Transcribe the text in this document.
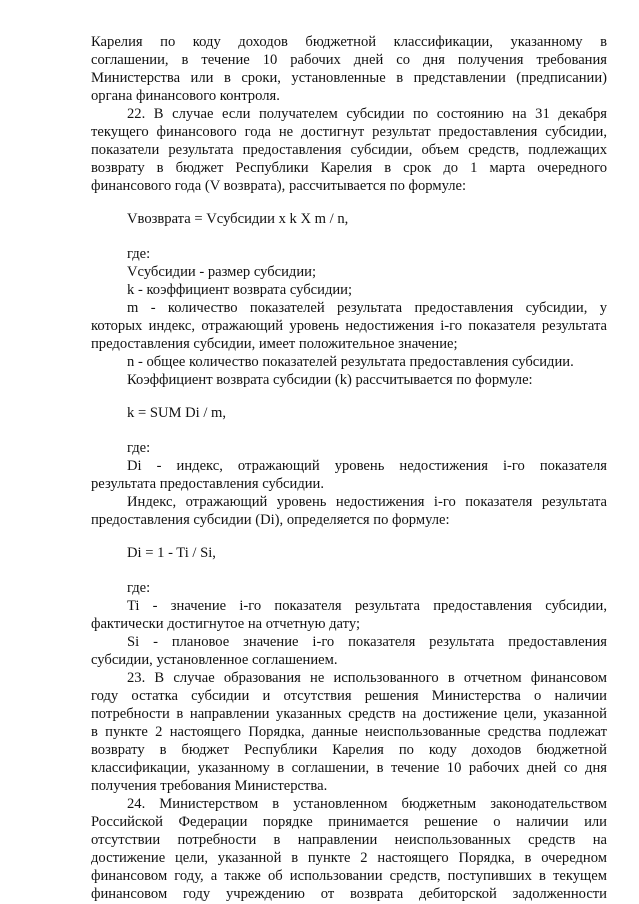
Карелия по коду доходов бюджетной классификации, указанному в
соглашении, в течение 10 рабочих дней со дня получения требования
Министерства или в сроки, установленные в представлении (предписании)
органа финансового контроля.
22. В случае если получателем субсидии по состоянию на 31 декабря
текущего финансового года не достигнут результат предоставления субсидии,
показатели результата предоставления субсидии, объем средств, подлежащих
возврату в бюджет Республики Карелия в срок до 1 марта очередного
финансового года (V возврата), рассчитывается по формуле:
Vвозврата = Vсубсидии x k X m / n,
где:
Vсубсидии - размер субсидии;
k - коэффициент возврата субсидии;
m - количество показателей результата предоставления субсидии, у
которых индекс, отражающий уровень недостижения i-го показателя результата
предоставления субсидии, имеет положительное значение;
n - общее количество показателей результата предоставления субсидии.
Коэффициент возврата субсидии (k) рассчитывается по формуле:
k = SUM Di / m,
где:
Di - индекс, отражающий уровень недостижения i-го показателя
результата предоставления субсидии.
Индекс, отражающий уровень недостижения i-го показателя результата
предоставления субсидии (Di), определяется по формуле:
Di = 1 - Ti / Si,
где:
Ti - значение i-го показателя результата предоставления субсидии,
фактически достигнутое на отчетную дату;
Si - плановое значение i-го показателя результата предоставления
субсидии, установленное соглашением.
23. В случае образования не использованного в отчетном финансовом
году остатка субсидии и отсутствия решения Министерства о наличии
потребности в направлении указанных средств на достижение цели, указанной
в пункте 2 настоящего Порядка, данные неиспользованные средства подлежат
возврату в бюджет Республики Карелия по коду доходов бюджетной
классификации, указанному в соглашении, в течение 10 рабочих дней со дня
получения требования Министерства.
24. Министерством в установленном бюджетным законодательством
Российской Федерации порядке принимается решение о наличии или
отсутствии потребности в направлении неиспользованных средств на
достижение цели, указанной в пункте 2 настоящего Порядка, в очередном
финансовом году, а также об использовании средств, поступивших в текущем
финансовом году учреждению от возврата дебиторской задолженности
